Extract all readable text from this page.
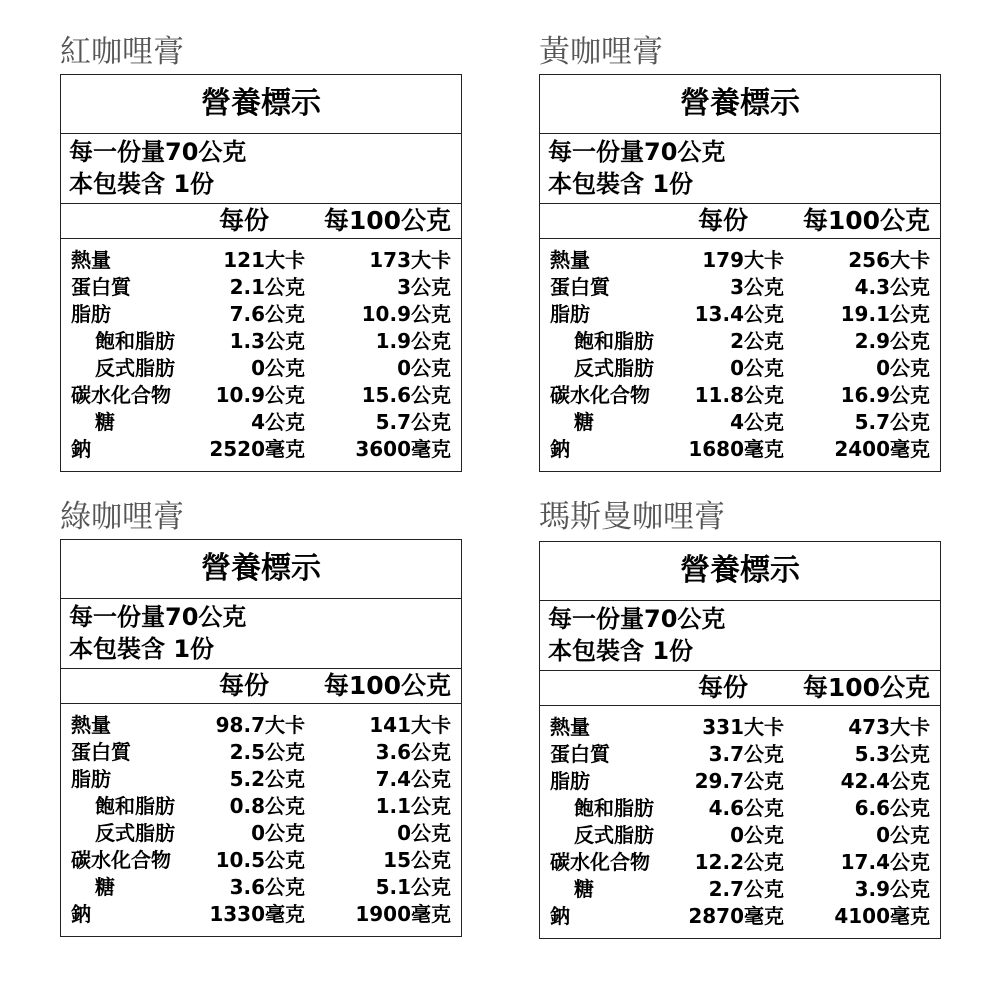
紅咖哩膏
營養標示
每一份量70公克
本包裝含 1份
每份 每100公克
熱量	121大卡	173大卡
蛋白質	2.1公克	3公克
脂肪	7.6公克	10.9公克
飽和脂肪	1.3公克	1.9公克
反式脂肪	0公克	0公克
碳水化合物 10.9公克	15.6公克
糖	4公克	5.7公克
鈉	2520毫克	3600毫克
黃咖哩膏
營養標示
每一份量70公克
本包裝含 1份
每份 每100公克
熱量	179大卡	256大卡
蛋白質	3公克	4.3公克
脂肪	13.4公克	19.1公克
飽和脂肪	2公克	2.9公克
反式脂肪	0公克	0公克
碳水化合物 11.8公克	16.9公克
糖	4公克	5.7公克
鈉	1680毫克	2400毫克
綠咖哩膏
營養標示
每一份量70公克
本包裝含 1份
每份 每100公克
熱量	98.7大卡	141大卡
蛋白質	2.5公克	3.6公克
脂肪	5.2公克	7.4公克
飽和脂肪	0.8公克	1.1公克
反式脂肪	0公克	0公克
碳水化合物 10.5公克	15公克
糖	3.6公克	5.1公克
鈉	1330毫克	1900毫克
瑪斯曼咖哩膏
營養標示
每一份量70公克
本包裝含 1份
每份 每100公克
熱量	331大卡	473大卡
蛋白質	3.7公克	5.3公克
脂肪	29.7公克	42.4公克
飽和脂肪	4.6公克	6.6公克
反式脂肪	0公克	0公克
碳水化合物 12.2公克	17.4公克
糖	2.7公克	3.9公克
鈉	2870毫克	4100毫克
